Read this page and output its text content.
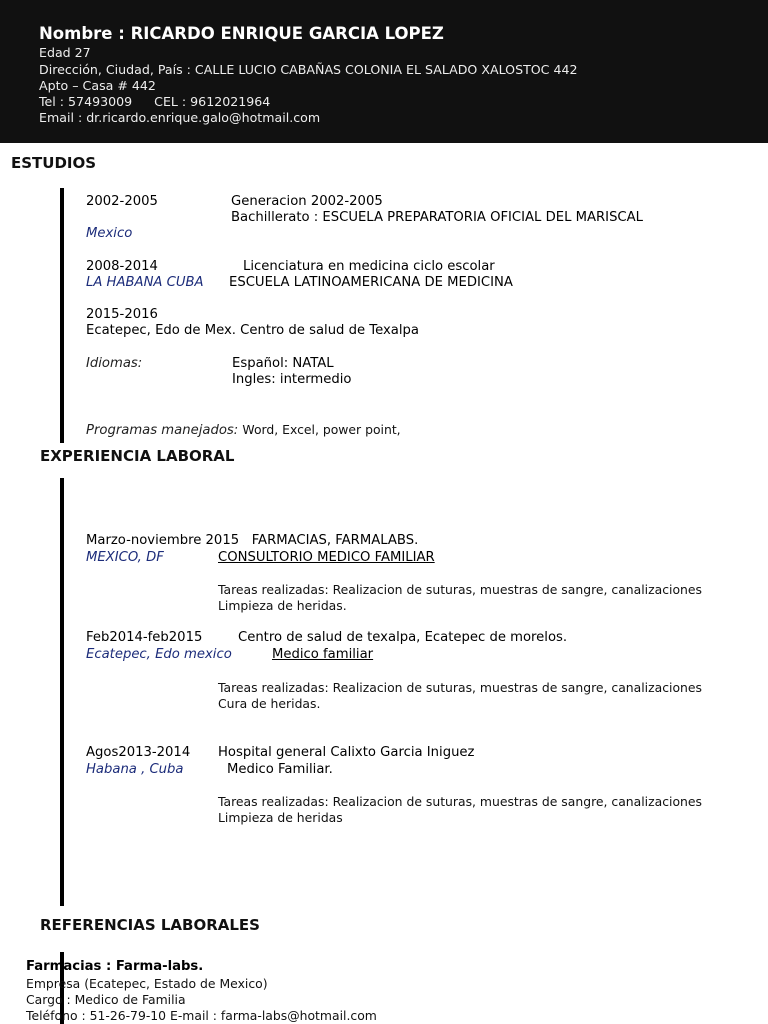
Nombre : RICARDO ENRIQUE GARCIA LOPEZ
Edad 27
Dirección, Ciudad, País : CALLE LUCIO CABAÑAS COLONIA EL SALADO XALOSTOC 442
Apto – Casa # 442
Tel : 57493009 CEL : 9612021964
Email : dr.ricardo.enrique.galo@hotmail.com
ESTUDIOS
2002-2005	Generacion 2002-2005
Bachillerato : ESCUELA PREPARATORIA OFICIAL DEL MARISCAL
Mexico
2008-2014	Licenciatura en medicina ciclo escolar
LA HABANA CUBA ESCUELA LATINOAMERICANA DE MEDICINA
2015-2016
Ecatepec, Edo de Mex. Centro de salud de Texalpa
Idiomas:	Español: NATAL
Ingles: intermedio
Programas manejados: Word, Excel, power point,
EXPERIENCIA LABORAL
Marzo-noviembre 2015 FARMACIAS, FARMALABS.
MEXICO, DF	CONSULTORIO MEDICO FAMILIAR
Tareas realizadas: Realizacion de suturas, muestras de sangre, canalizaciones
Limpieza de heridas.
Feb2014-feb2015	Centro de salud de texalpa, Ecatepec de morelos.
Ecatepec, Edo mexico	Medico familiar
Tareas realizadas: Realizacion de suturas, muestras de sangre, canalizaciones
Cura de heridas.
Agos2013-2014 Hospital general Calixto Garcia Iniguez
Habana , Cuba	Medico Familiar.
Tareas realizadas: Realizacion de suturas, muestras de sangre, canalizaciones
Limpieza de heridas
REFERENCIAS LABORALES
Farmacias : Farma-labs.
Empresa (Ecatepec, Estado de Mexico)
Cargo : Medico de Familia
Teléfono : 51-26-79-10 E-mail : farma-labs@hotmail.com
